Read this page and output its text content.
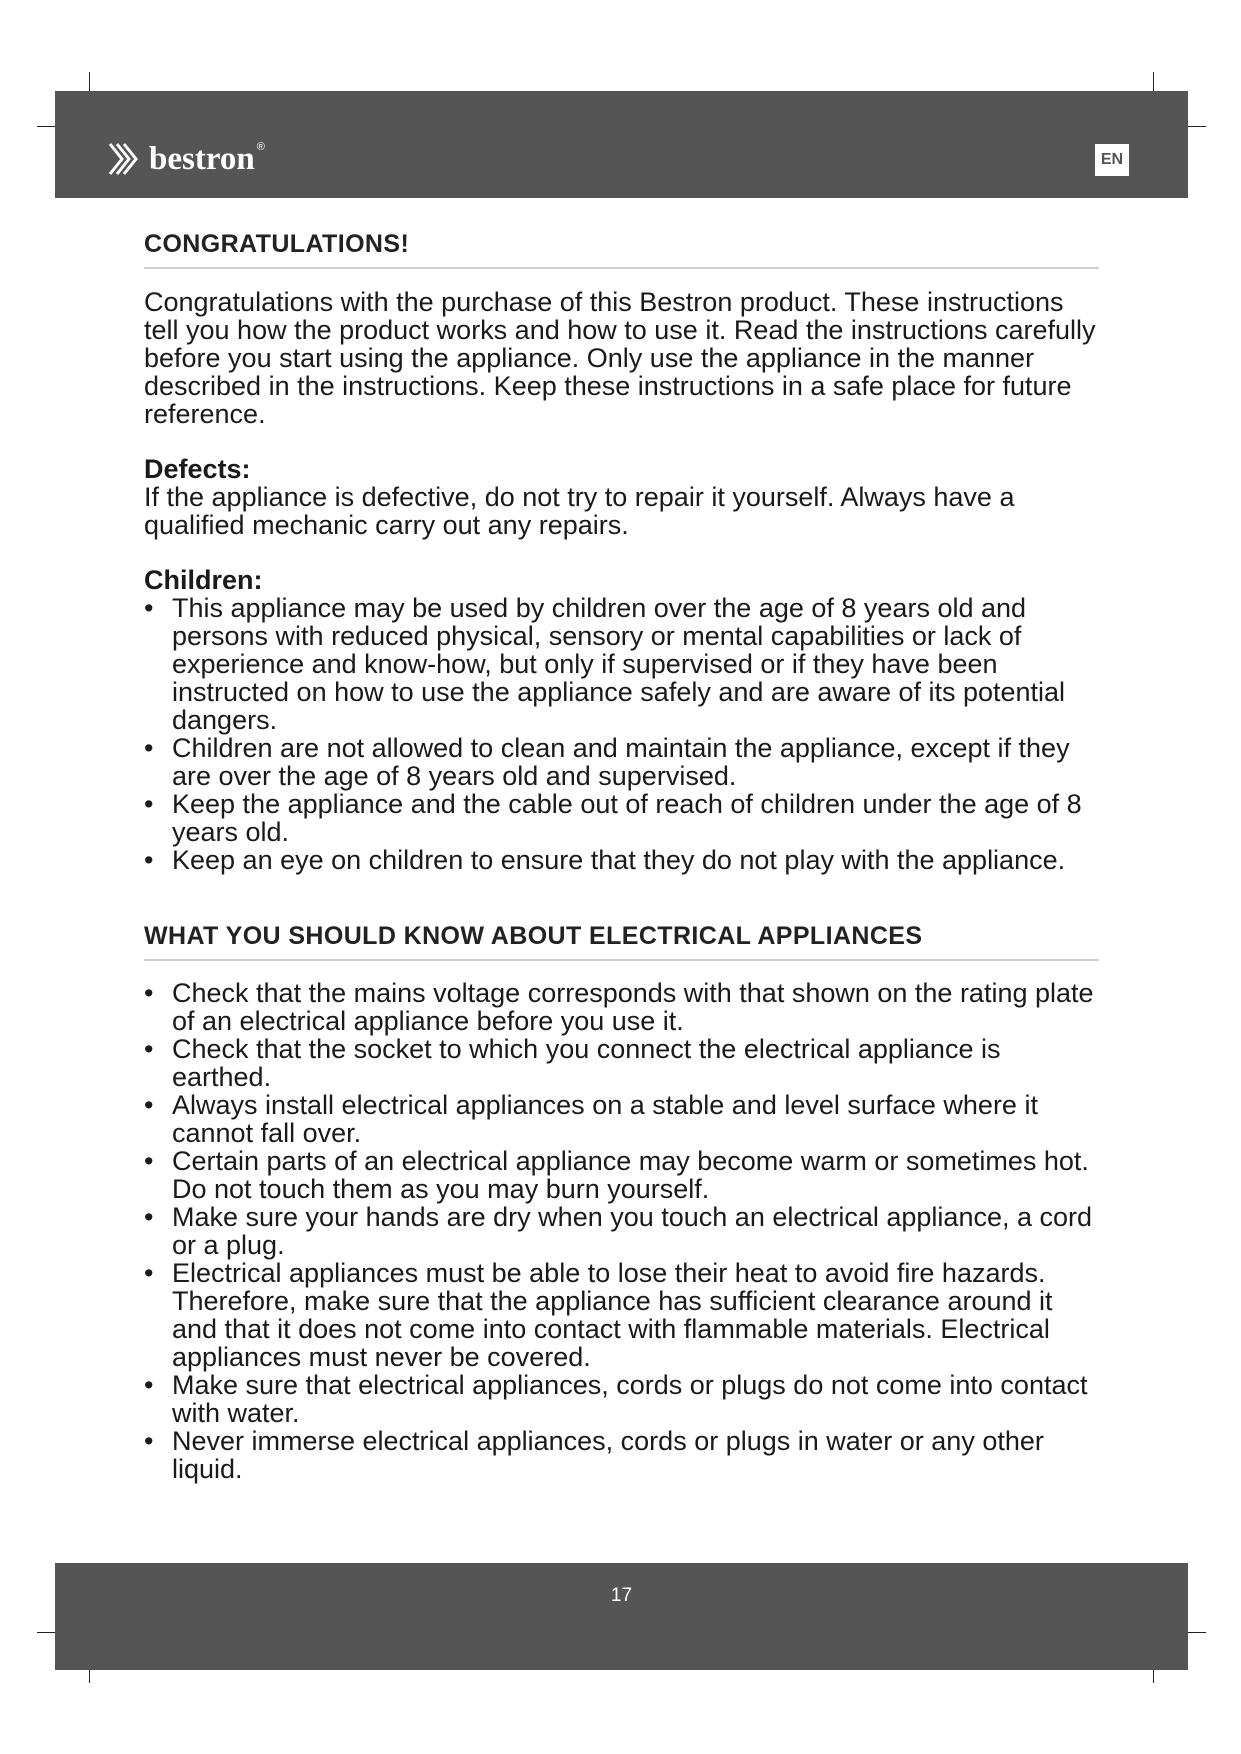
bestron ®
EN
CONGRATULATIONS!

Congratulations with the purchase of this Bestron product. These instructions tell you how the product works and how to use it. Read the instructions carefully before you start using the appliance. Only use the appliance in the manner described in the instructions. Keep these instructions in a safe place for future reference.

Defects:

If the appliance is defective, do not try to repair it yourself. Always have a qualified mechanic carry out any repairs.

Children:

• This appliance may be used by children over the age of 8 years old and persons with reduced physical, sensory or mental capabilities or lack of experience and know-how, but only if supervised or if they have been instructed on how to use the appliance safely and are aware of its potential dangers.
• Children are not allowed to clean and maintain the appliance, except if they are over the age of 8 years old and supervised.
• Keep the appliance and the cable out of reach of children under the age of 8 years old.
• Keep an eye on children to ensure that they do not play with the appliance.
WHAT YOU SHOULD KNOW ABOUT ELECTRICAL APPLIANCES
• Check that the mains voltage corresponds with that shown on the rating plate of an electrical appliance before you use it.
• Check that the socket to which you connect the electrical appliance is earthed.
• Always install electrical appliances on a stable and level surface where it cannot fall over.
• Certain parts of an electrical appliance may become warm or sometimes hot. Do not touch them as you may burn yourself.
• Make sure your hands are dry when you touch an electrical appliance, a cord or a plug.
• Electrical appliances must be able to lose their heat to avoid fire hazards. Therefore, make sure that the appliance has sufficient clearance around it and that it does not come into contact with flammable materials. Electrical appliances must never be covered.
• Make sure that electrical appliances, cords or plugs do not come into contact with water.
• Never immerse electrical appliances, cords or plugs in water or any other liquid.
17
